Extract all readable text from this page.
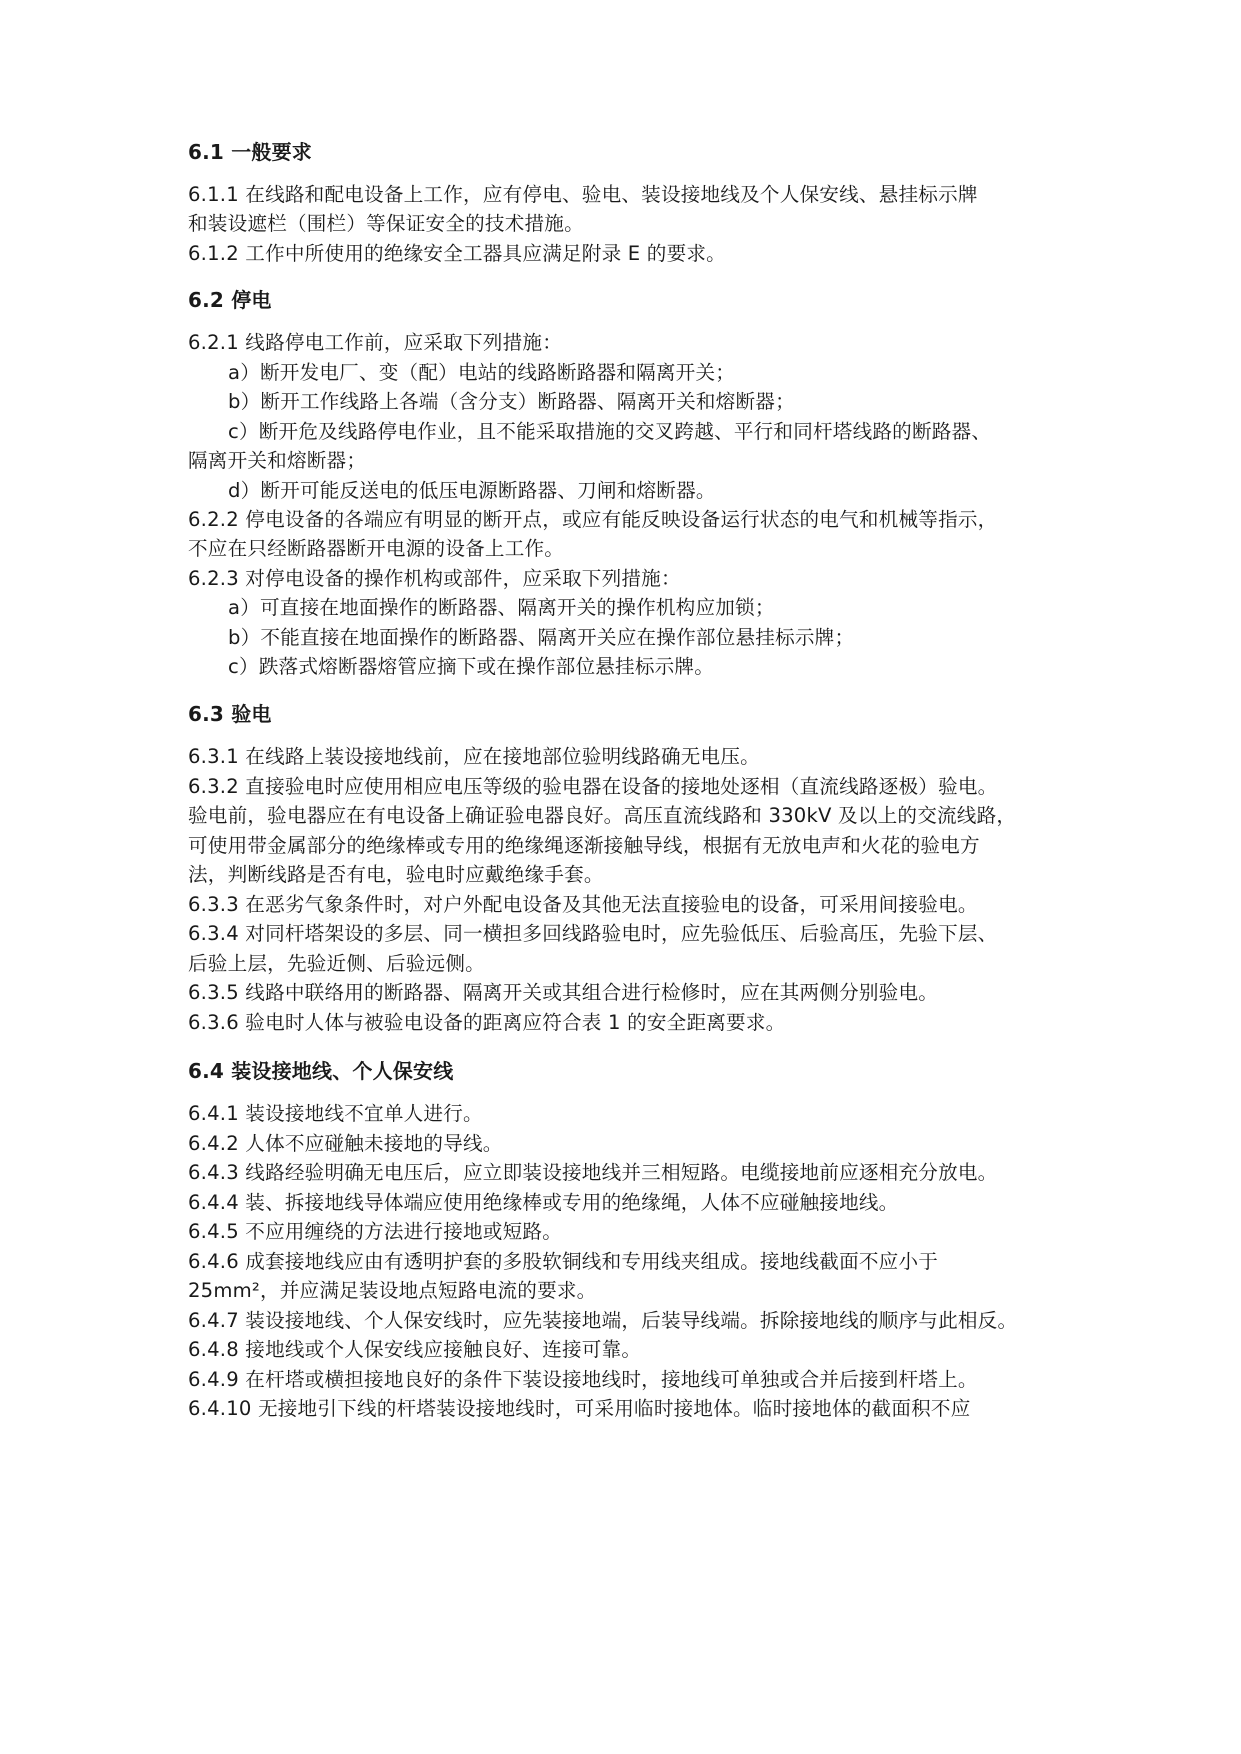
6.1 一般要求
6.1.1 在线路和配电设备上工作，应有停电、验电、装设接地线及个人保安线、悬挂标示牌
和装设遮栏（围栏）等保证安全的技术措施。
6.1.2 工作中所使用的绝缘安全工器具应满足附录 E 的要求。
6.2 停电
6.2.1 线路停电工作前，应采取下列措施：
a）断开发电厂、变（配）电站的线路断路器和隔离开关；
b）断开工作线路上各端（含分支）断路器、隔离开关和熔断器；
c）断开危及线路停电作业，且不能采取措施的交叉跨越、平行和同杆塔线路的断路器、
隔离开关和熔断器；
d）断开可能反送电的低压电源断路器、刀闸和熔断器。
6.2.2 停电设备的各端应有明显的断开点，或应有能反映设备运行状态的电气和机械等指示，
不应在只经断路器断开电源的设备上工作。
6.2.3 对停电设备的操作机构或部件，应采取下列措施：
a）可直接在地面操作的断路器、隔离开关的操作机构应加锁；
b）不能直接在地面操作的断路器、隔离开关应在操作部位悬挂标示牌；
c）跌落式熔断器熔管应摘下或在操作部位悬挂标示牌。
6.3 验电
6.3.1 在线路上装设接地线前，应在接地部位验明线路确无电压。
6.3.2 直接验电时应使用相应电压等级的验电器在设备的接地处逐相（直流线路逐极）验电。
验电前，验电器应在有电设备上确证验电器良好。高压直流线路和 330kV 及以上的交流线路，
可使用带金属部分的绝缘棒或专用的绝缘绳逐渐接触导线，根据有无放电声和火花的验电方
法，判断线路是否有电，验电时应戴绝缘手套。
6.3.3 在恶劣气象条件时，对户外配电设备及其他无法直接验电的设备，可采用间接验电。
6.3.4 对同杆塔架设的多层、同一横担多回线路验电时，应先验低压、后验高压，先验下层、
后验上层，先验近侧、后验远侧。
6.3.5 线路中联络用的断路器、隔离开关或其组合进行检修时，应在其两侧分别验电。
6.3.6 验电时人体与被验电设备的距离应符合表 1 的安全距离要求。
6.4 装设接地线、个人保安线
6.4.1 装设接地线不宜单人进行。
6.4.2 人体不应碰触未接地的导线。
6.4.3 线路经验明确无电压后，应立即装设接地线并三相短路。电缆接地前应逐相充分放电。
6.4.4 装、拆接地线导体端应使用绝缘棒或专用的绝缘绳，人体不应碰触接地线。
6.4.5 不应用缠绕的方法进行接地或短路。
6.4.6 成套接地线应由有透明护套的多股软铜线和专用线夹组成。接地线截面不应小于
25mm²，并应满足装设地点短路电流的要求。
6.4.7 装设接地线、个人保安线时，应先装接地端，后装导线端。拆除接地线的顺序与此相反。
6.4.8 接地线或个人保安线应接触良好、连接可靠。
6.4.9 在杆塔或横担接地良好的条件下装设接地线时，接地线可单独或合并后接到杆塔上。
6.4.10 无接地引下线的杆塔装设接地线时，可采用临时接地体。临时接地体的截面积不应
